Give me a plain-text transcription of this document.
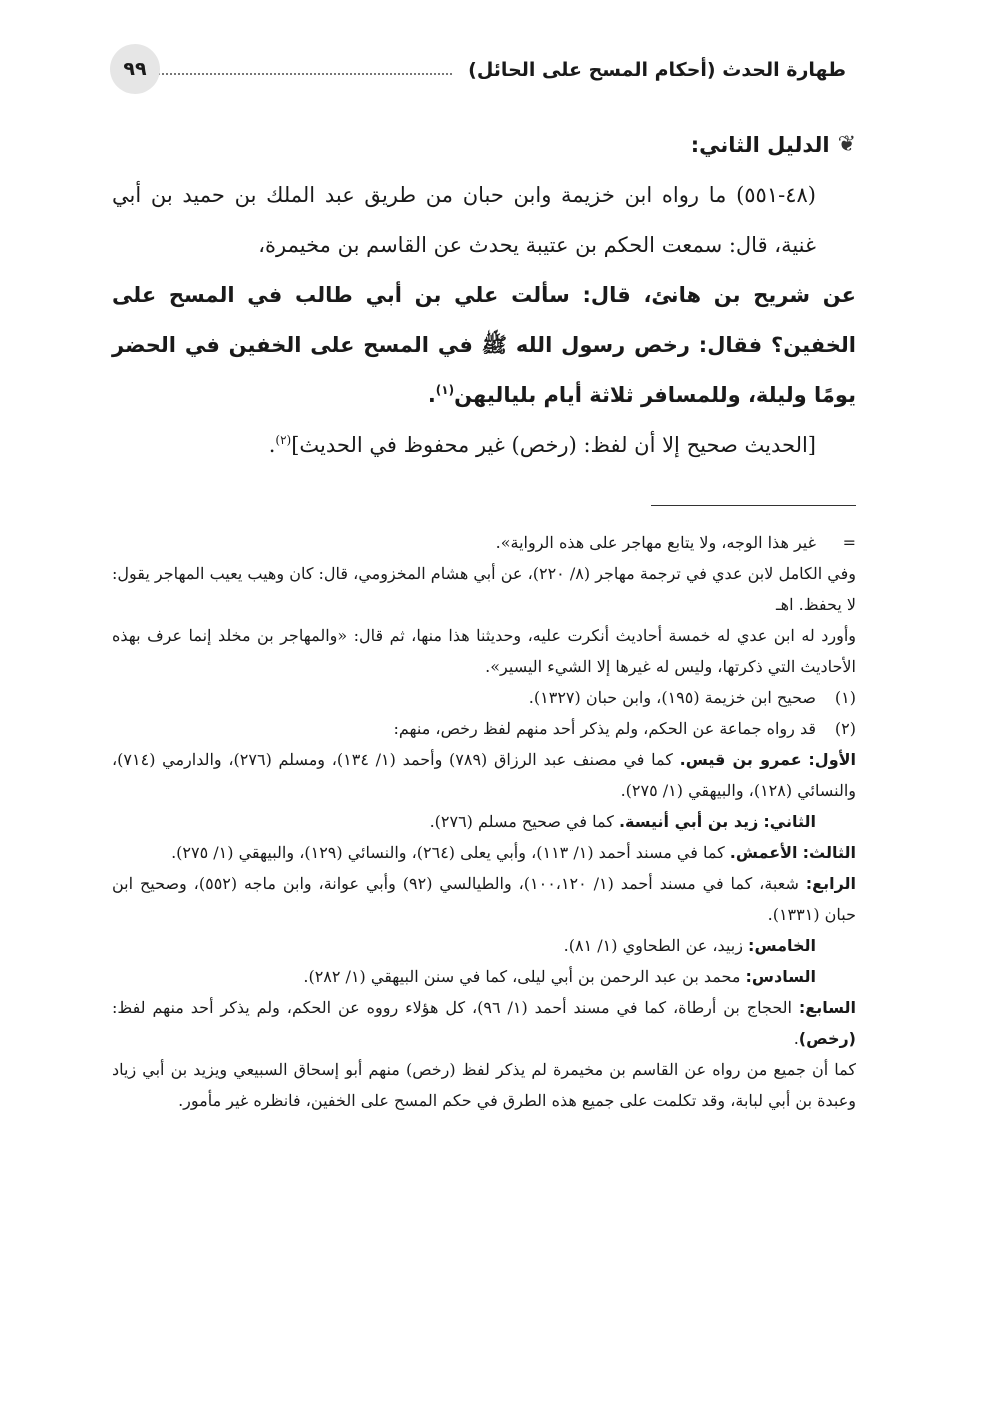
طهارة الحدث (أحكام المسح على الحائل)
٩٩

❦
الدليل الثاني:

(٤٨-٥٥١) ما رواه ابن خزيمة وابن حبان من طريق عبد الملك بن حميد بن أبي غنية، قال: سمعت الحكم بن عتيبة يحدث عن القاسم بن مخيمرة،

عن شريح بن هانئ، قال: سألت علي بن أبي طالب في المسح على الخفين؟ فقال: رخص رسول الله ﷺ في المسح على الخفين في الحضر يومًا وليلة، وللمسافر ثلاثة أيام بلياليهن$^{(١)}$.

[الحديث صحيح إلا أن لفظ: (رخص) غير محفوظ في الحديث]$^{(٢)}$.

=
غير هذا الوجه، ولا يتابع مهاجر على هذه الرواية».

وفي الكامل لابن عدي في ترجمة مهاجر (٨/ ٢٢٠)، عن أبي هشام المخزومي، قال: كان وهيب يعيب المهاجر يقول: لا يحفظ. اهـ

وأورد له ابن عدي له خمسة أحاديث أنكرت عليه، وحديثنا هذا منها، ثم قال: «والمهاجر بن مخلد إنما عرف بهذه الأحاديث التي ذكرتها، وليس له غيرها إلا الشيء اليسير».

(١)
صحيح ابن خزيمة (١٩٥)، وابن حبان (١٣٢٧).
(٢)
قد رواه جماعة عن الحكم، ولم يذكر أحد منهم لفظ رخص، منهم:

الأول: عمرو بن قيس. كما في مصنف عبد الرزاق (٧٨٩) وأحمد (١/ ١٣٤)، ومسلم (٢٧٦)، والدارمي (٧١٤)، والنسائي (١٢٨)، والبيهقي (١/ ٢٧٥).

الثاني: زيد بن أبي أنيسة. كما في صحيح مسلم (٢٧٦).

الثالث: الأعمش. كما في مسند أحمد (١/ ١١٣)، وأبي يعلى (٢٦٤)، والنسائي (١٢٩)، والبيهقي (١/ ٢٧٥).

الرابع: شعبة، كما في مسند أحمد (١/ ١٠٠،١٢٠)، والطيالسي (٩٢) وأبي عوانة، وابن ماجه (٥٥٢)، وصحيح ابن حبان (١٣٣١).

الخامس: زبيد، عن الطحاوي (١/ ٨١).

السادس: محمد بن عبد الرحمن بن أبي ليلى، كما في سنن البيهقي (١/ ٢٨٢).

السابع: الحجاج بن أرطاة، كما في مسند أحمد (١/ ٩٦)، كل هؤلاء رووه عن الحكم، ولم يذكر أحد منهم لفظ: (رخص).

كما أن جميع من رواه عن القاسم بن مخيمرة لم يذكر لفظ (رخص) منهم أبو إسحاق السبيعي ويزيد بن أبي زياد وعبدة بن أبي لبابة، وقد تكلمت على جميع هذه الطرق في حكم المسح على الخفين، فانظره غير مأمور.
